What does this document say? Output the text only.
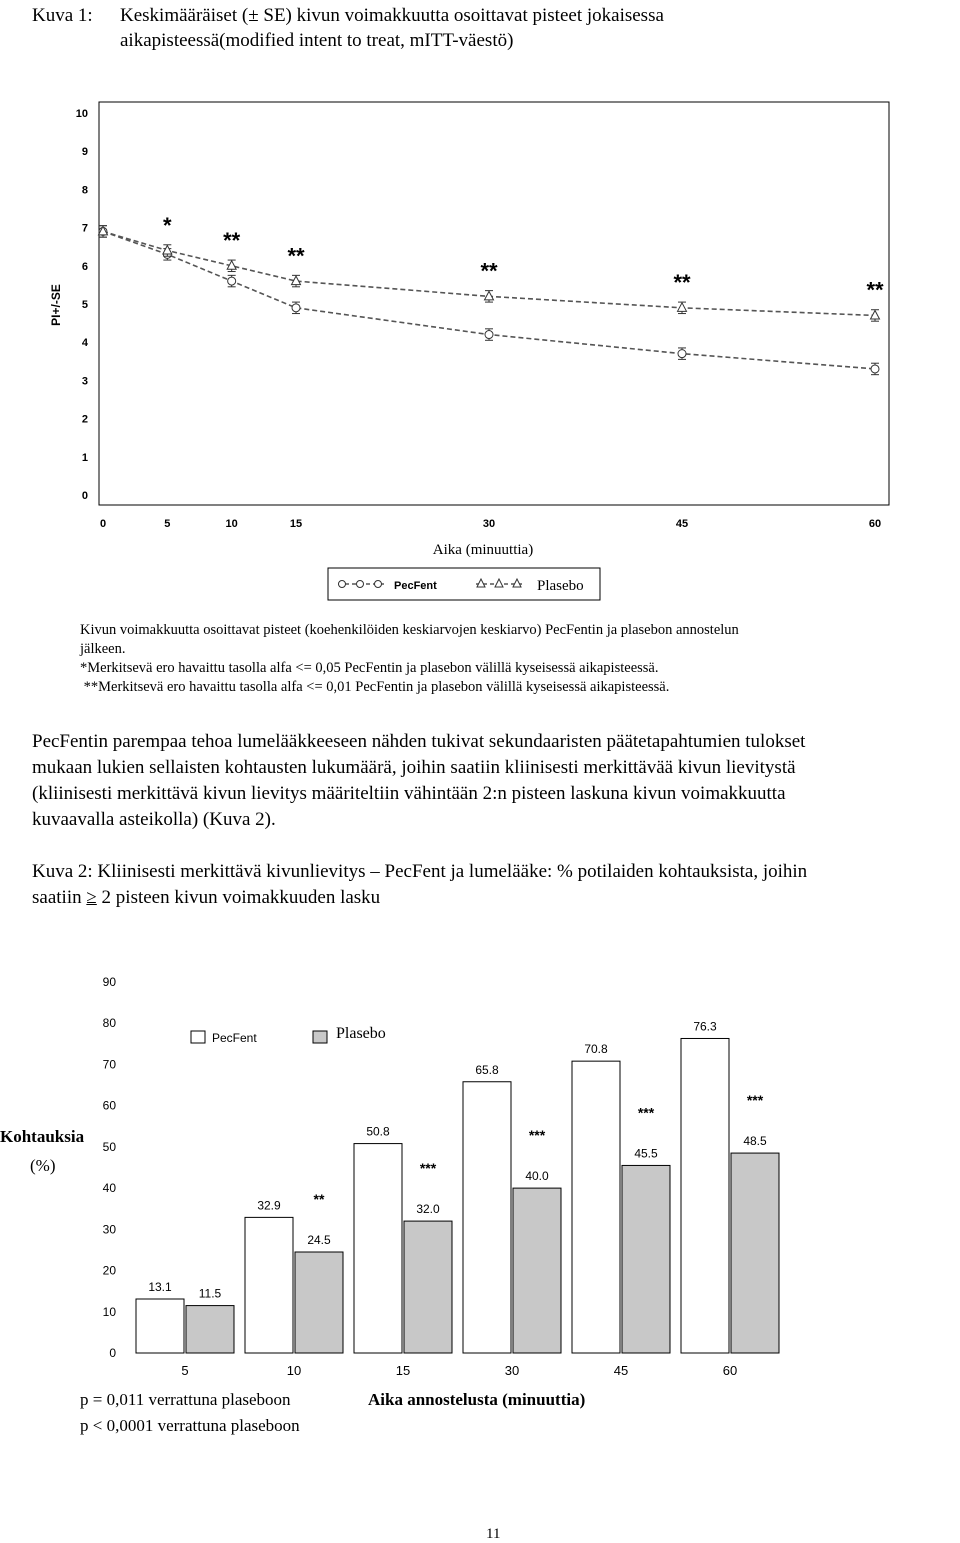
Kuva 1: Keskimääräiset (± SE) kivun voimakkuutta osoittavat pisteet jokaisessa
aikapisteessä(modified intent to treat, mITT-väestö)
0
1
2
3
4
5
6
7
8
9
10
0	5	10	15	30	45	60
*
**
**
**	**	**
PI+/-SE
Aika (minuuttia)
PecFent	Plasebo
Kivun voimakkuutta osoittavat pisteet (koehenkilöiden keskiarvojen keskiarvo) PecFentin ja plasebon annostelun
jälkeen.
*Merkitsevä ero havaittu tasolla alfa <= 0,05 PecFentin ja plasebon välillä kyseisessä aikapisteessä.
**Merkitsevä ero havaittu tasolla alfa <= 0,01 PecFentin ja plasebon välillä kyseisessä aikapisteessä.
PecFentin parempaa tehoa lumelääkkeeseen nähden tukivat sekundaaristen päätetapahtumien tulokset
mukaan lukien sellaisten kohtausten lukumäärä, joihin saatiin kliinisesti merkittävää kivun lievitystä
(kliinisesti merkittävä kivun lievitys määriteltiin vähintään 2:n pisteen laskuna kivun voimakkuutta
kuvaavalla asteikolla) (Kuva 2).
Kuva 2: Kliinisesti merkittävä kivunlievitys – PecFent ja lumelääke: % potilaiden kohtauksista, joihin
saatiin ≥ 2 pisteen kivun voimakkuuden lasku
0
10
20
30
40
50
60
70
80
90
13.1 11.5
32.9
24.5
**
50.8
32.0
***
65.8
40.0
***
70.8
45.5
***
76.3
48.5
***
5	10	15	30	45	60
PecFent	Plasebo
Kohtauksia
(%)
p = 0,011 verrattuna plaseboon
p < 0,0001 verrattuna plaseboon
Aika annostelusta (minuuttia)
11
